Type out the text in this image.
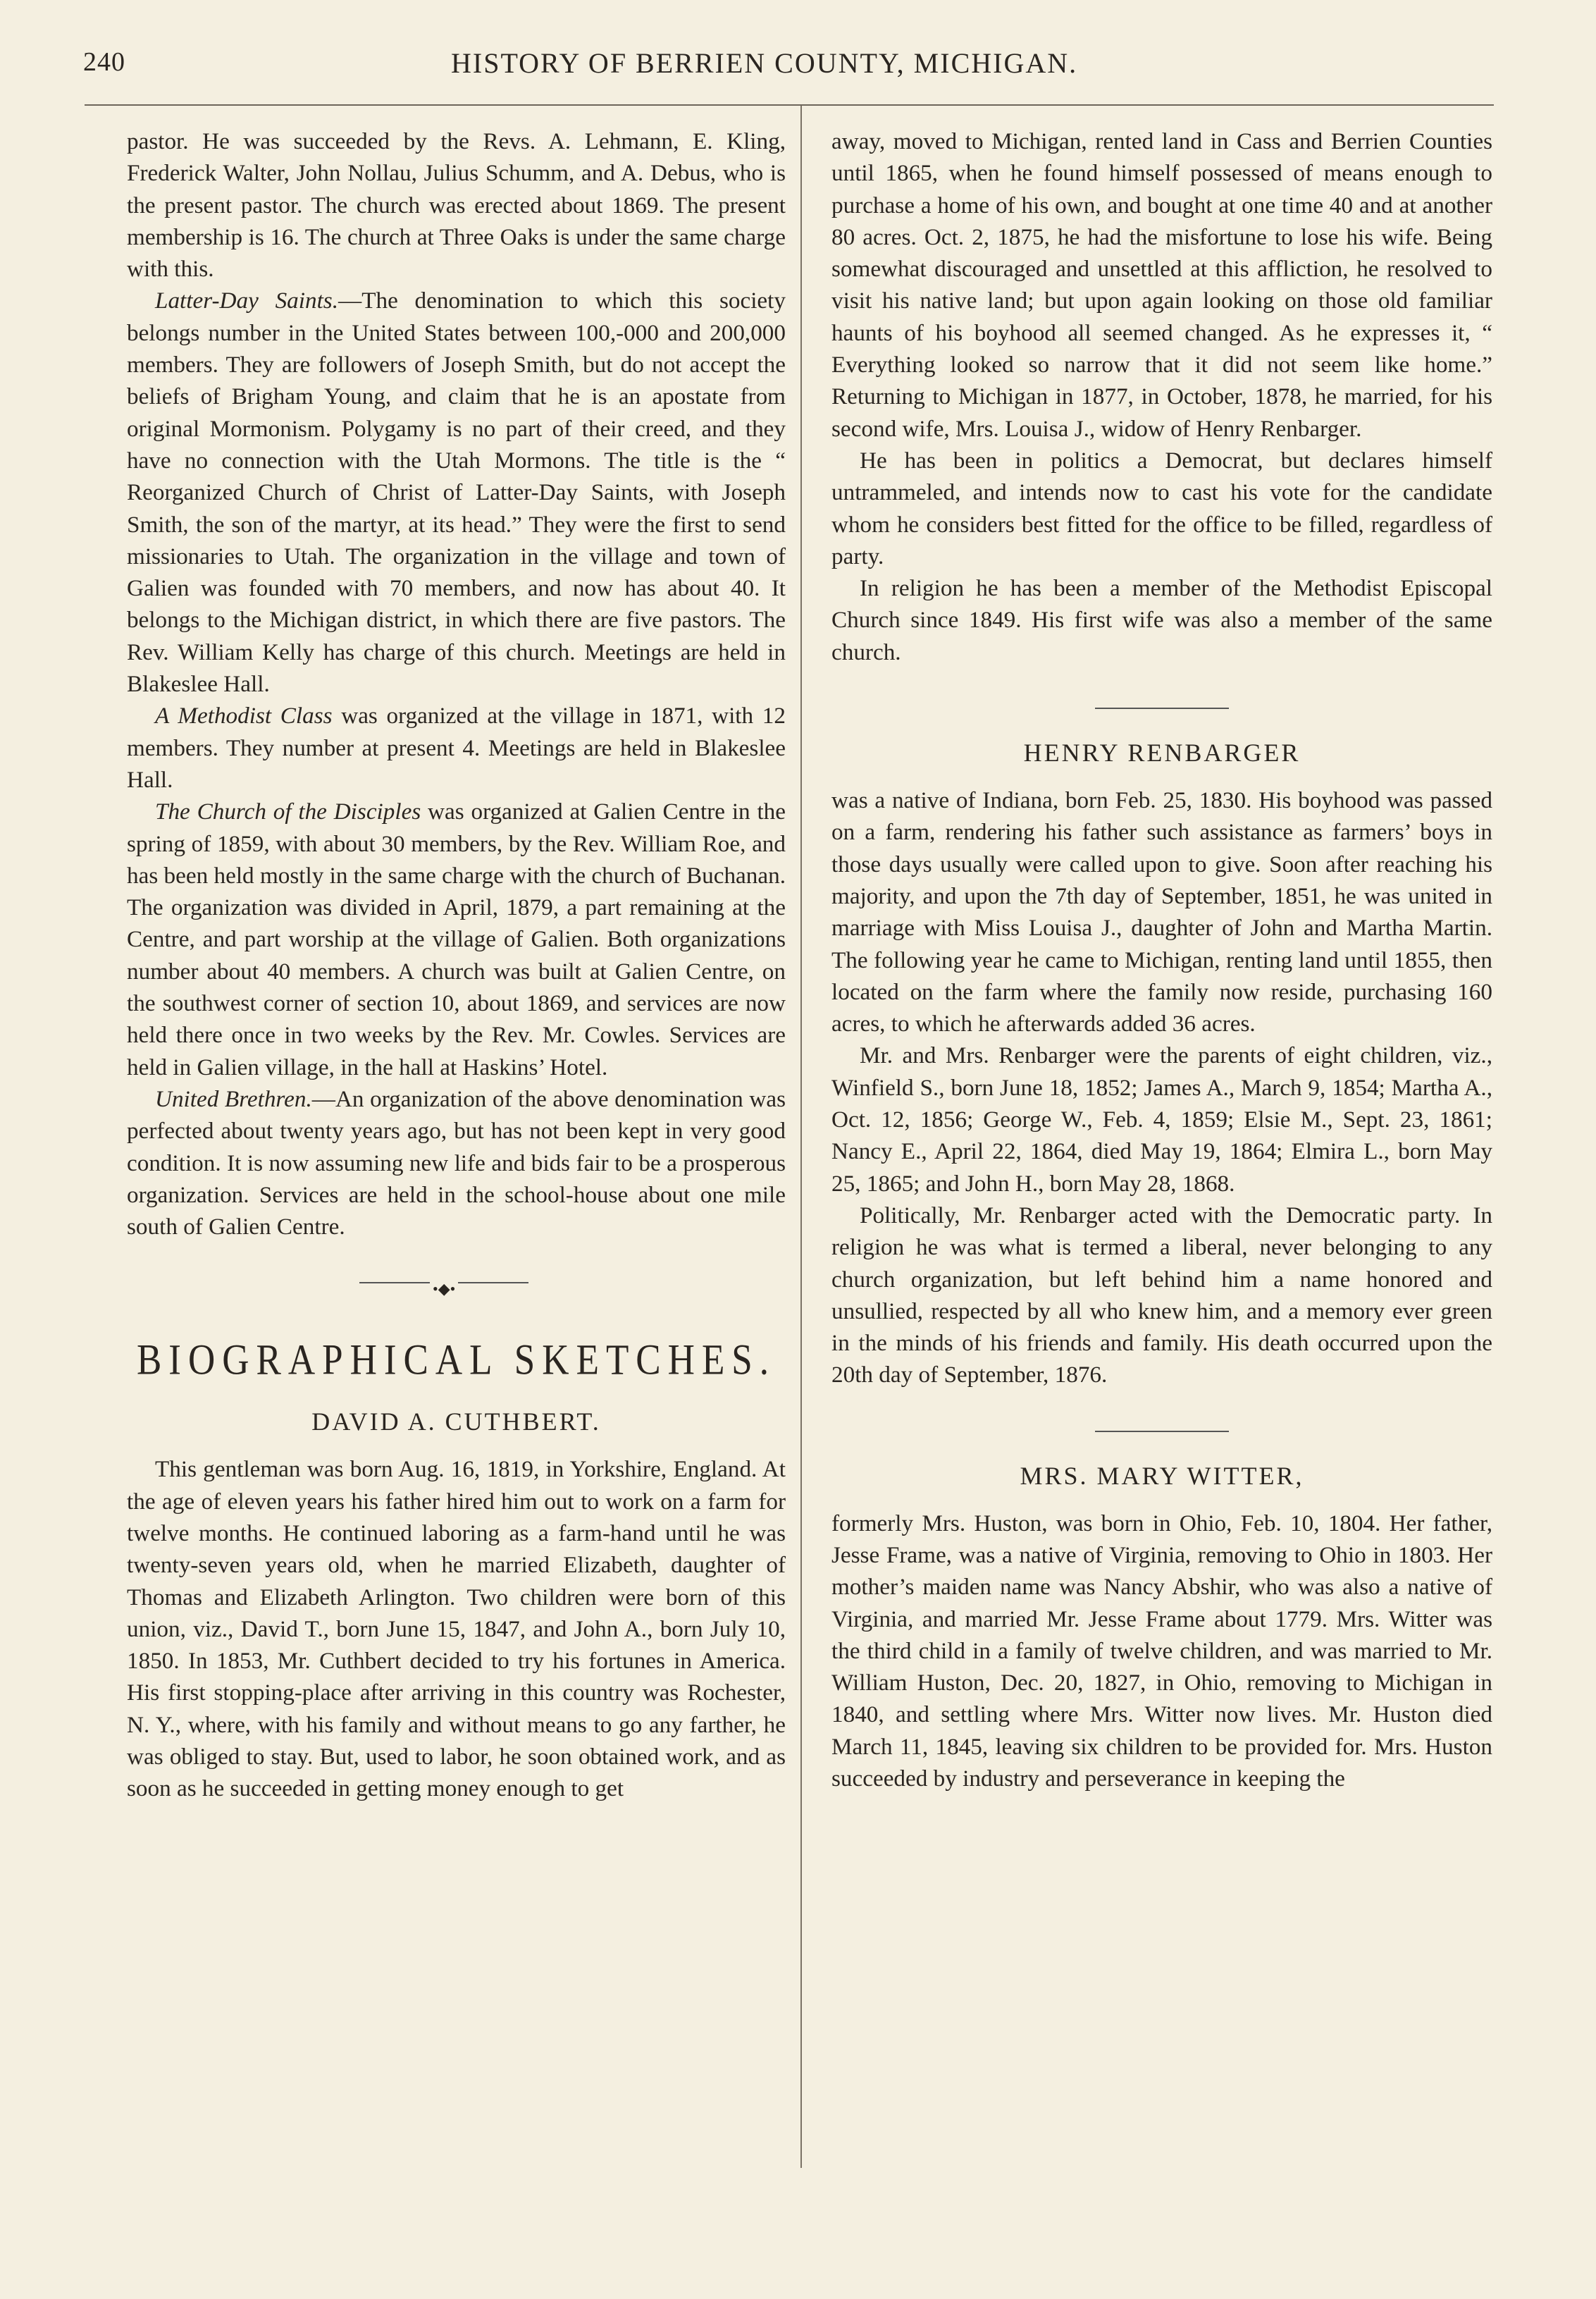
240	HISTORY OF BERRIEN COUNTY, MICHIGAN.

pastor. He was succeeded by the Revs. A. Lehmann, E. Kling, Frederick Walter, John Nollau, Julius Schumm, and A. Debus, who is the present pastor. The church was erected about 1869. The present membership is 16. The church at Three Oaks is under the same charge with this.

Latter-Day Saints.—The denomination to which this society belongs number in the United States between 100,-000 and 200,000 members. They are followers of Joseph Smith, but do not accept the beliefs of Brigham Young, and claim that he is an apostate from original Mormonism. Polygamy is no part of their creed, and they have no connection with the Utah Mormons. The title is the “ Reorganized Church of Christ of Latter-Day Saints, with Joseph Smith, the son of the martyr, at its head.” They were the first to send missionaries to Utah. The organization in the village and town of Galien was founded with 70 members, and now has about 40. It belongs to the Michigan district, in which there are five pastors. The Rev. William Kelly has charge of this church. Meetings are held in Blakeslee Hall.

A Methodist Class was organized at the village in 1871, with 12 members. They number at present 4. Meetings are held in Blakeslee Hall.

The Church of the Disciples was organized at Galien Centre in the spring of 1859, with about 30 members, by the Rev. William Roe, and has been held mostly in the same charge with the church of Buchanan. The organization was divided in April, 1879, a part remaining at the Centre, and part worship at the village of Galien. Both organizations number about 40 members. A church was built at Galien Centre, on the southwest corner of section 10, about 1869, and services are now held there once in two weeks by the Rev. Mr. Cowles. Services are held in Galien village, in the hall at Haskins’ Hotel.

United Brethren.—An organization of the above denomination was perfected about twenty years ago, but has not been kept in very good condition. It is now assuming new life and bids fair to be a prosperous organization. Services are held in the school-house about one mile south of Galien Centre.

•◆•
BIOGRAPHICAL SKETCHES.
DAVID A. CUTHBERT.

This gentleman was born Aug. 16, 1819, in Yorkshire, England. At the age of eleven years his father hired him out to work on a farm for twelve months. He continued laboring as a farm-hand until he was twenty-seven years old, when he married Elizabeth, daughter of Thomas and Elizabeth Arlington. Two children were born of this union, viz., David T., born June 15, 1847, and John A., born July 10, 1850. In 1853, Mr. Cuthbert decided to try his fortunes in America. His first stopping-place after arriving in this country was Rochester, N. Y., where, with his family and without means to go any farther, he was obliged to stay. But, used to labor, he soon obtained work, and as soon as he succeeded in getting money enough to get

away, moved to Michigan, rented land in Cass and Berrien Counties until 1865, when he found himself possessed of means enough to purchase a home of his own, and bought at one time 40 and at another 80 acres. Oct. 2, 1875, he had the misfortune to lose his wife. Being somewhat discouraged and unsettled at this affliction, he resolved to visit his native land; but upon again looking on those old familiar haunts of his boyhood all seemed changed. As he expresses it, “ Everything looked so narrow that it did not seem like home.” Returning to Michigan in 1877, in October, 1878, he married, for his second wife, Mrs. Louisa J., widow of Henry Renbarger.

He has been in politics a Democrat, but declares himself untrammeled, and intends now to cast his vote for the candidate whom he considers best fitted for the office to be filled, regardless of party.

In religion he has been a member of the Methodist Episcopal Church since 1849. His first wife was also a member of the same church.

HENRY RENBARGER

was a native of Indiana, born Feb. 25, 1830. His boyhood was passed on a farm, rendering his father such assistance as farmers’ boys in those days usually were called upon to give. Soon after reaching his majority, and upon the 7th day of September, 1851, he was united in marriage with Miss Louisa J., daughter of John and Martha Martin. The following year he came to Michigan, renting land until 1855, then located on the farm where the family now reside, purchasing 160 acres, to which he afterwards added 36 acres.

Mr. and Mrs. Renbarger were the parents of eight children, viz., Winfield S., born June 18, 1852; James A., March 9, 1854; Martha A., Oct. 12, 1856; George W., Feb. 4, 1859; Elsie M., Sept. 23, 1861; Nancy E., April 22, 1864, died May 19, 1864; Elmira L., born May 25, 1865; and John H., born May 28, 1868.

Politically, Mr. Renbarger acted with the Democratic party. In religion he was what is termed a liberal, never belonging to any church organization, but left behind him a name honored and unsullied, respected by all who knew him, and a memory ever green in the minds of his friends and family. His death occurred upon the 20th day of September, 1876.

MRS. MARY WITTER,

formerly Mrs. Huston, was born in Ohio, Feb. 10, 1804. Her father, Jesse Frame, was a native of Virginia, removing to Ohio in 1803. Her mother’s maiden name was Nancy Abshir, who was also a native of Virginia, and married Mr. Jesse Frame about 1779. Mrs. Witter was the third child in a family of twelve children, and was married to Mr. William Huston, Dec. 20, 1827, in Ohio, removing to Michigan in 1840, and settling where Mrs. Witter now lives. Mr. Huston died March 11, 1845, leaving six children to be provided for. Mrs. Huston succeeded by industry and perseverance in keeping the
